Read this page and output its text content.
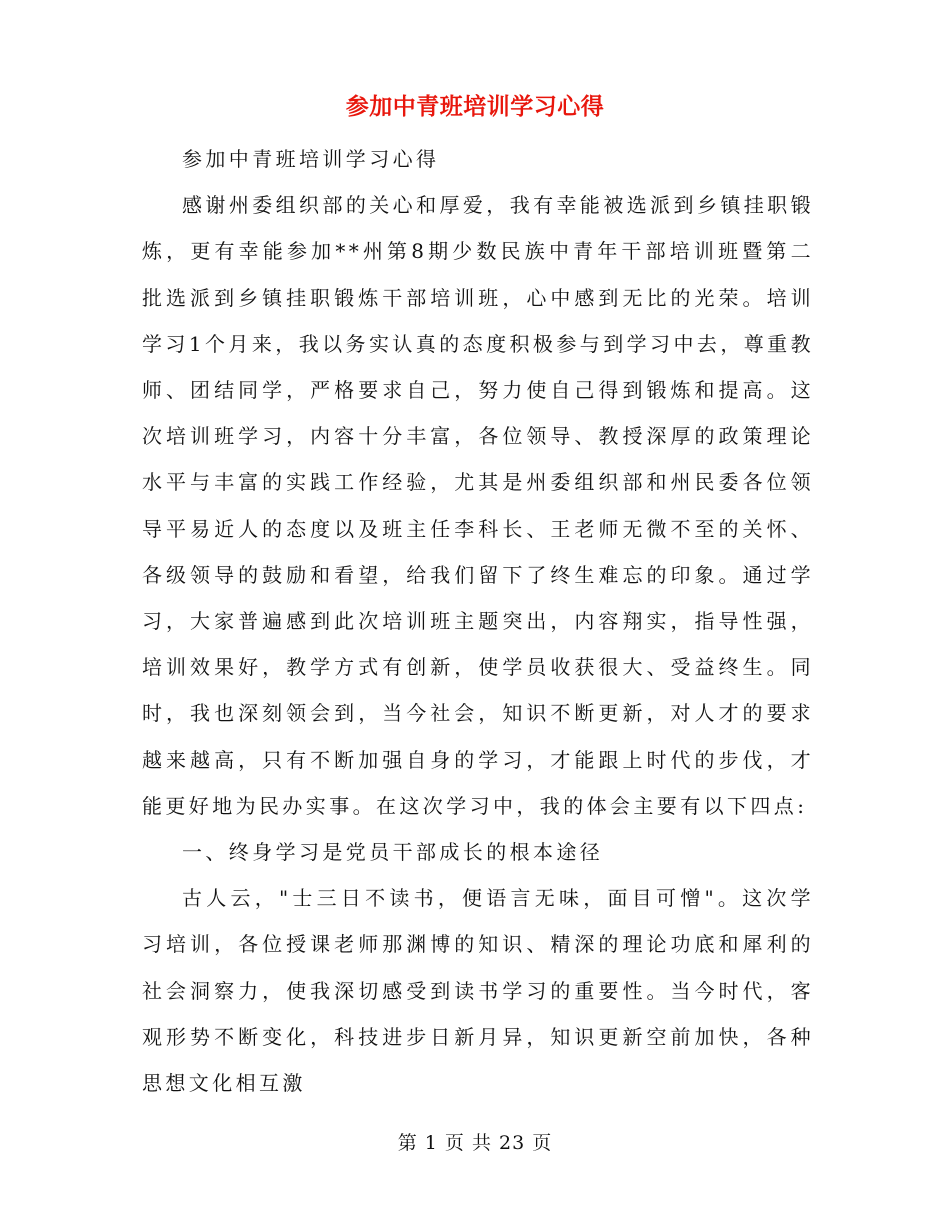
参加中青班培训学习心得

参加中青班培训学习心得

感谢州委组织部的关心和厚爱，我有幸能被选派到乡镇挂职锻炼，更有幸能参加**州第8期少数民族中青年干部培训班暨第二批选派到乡镇挂职锻炼干部培训班，心中感到无比的光荣。培训学习1个月来，我以务实认真的态度积极参与到学习中去，尊重教师、团结同学，严格要求自己，努力使自己得到锻炼和提高。这次培训班学习，内容十分丰富，各位领导、教授深厚的政策理论水平与丰富的实践工作经验，尤其是州委组织部和州民委各位领导平易近人的态度以及班主任李科长、王老师无微不至的关怀、各级领导的鼓励和看望，给我们留下了终生难忘的印象。通过学习，大家普遍感到此次培训班主题突出，内容翔实，指导性强，培训效果好，教学方式有创新，使学员收获很大、受益终生。同时，我也深刻领会到，当今社会，知识不断更新，对人才的要求越来越高，只有不断加强自身的学习，才能跟上时代的步伐，才能更好地为民办实事。在这次学习中，我的体会主要有以下四点:

一、终身学习是党员干部成长的根本途径

古人云，"士三日不读书，便语言无味，面目可憎"。这次学习培训，各位授课老师那渊博的知识、精深的理论功底和犀利的社会洞察力，使我深切感受到读书学习的重要性。当今时代，客观形势不断变化，科技进步日新月异，知识更新空前加快，各种思想文化相互激

第 1 页 共 23 页
